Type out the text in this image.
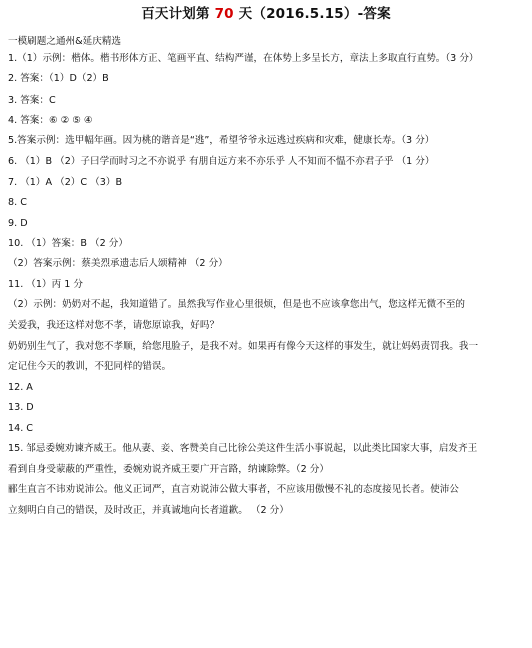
百天计划第 70 天（2016.5.15）-答案
一模刷题之通州&延庆精选
1.（1）示例：楷体。楷书形体方正、笔画平直、结构严谨，在体势上多呈长方，章法上多取直行直势。（3 分）
2. 答案：（1）D（2）B
3. 答案：C
4. 答案：⑥ ② ⑤ ④
5.答案示例：选甲幅年画。因为桃的谐音是“逃”，希望爷爷永远逃过疾病和灾难，健康长寿。（3 分）
6. （1）B （2）子曰学而时习之不亦说乎 有朋自远方来不亦乐乎 人不知而不愠不亦君子乎 （1 分）
7. （1）A （2）C （3）B
8. C
9. D
10. （1）答案：B （2 分）
（2）答案示例：蔡美烈承遗志后人颂精神 （2 分）
11. （1）丙 1 分
（2）示例：奶奶对不起，我知道错了。虽然我写作业心里很烦，但是也不应该拿您出气，您这样无微不至的
关爱我，我还这样对您不孝，请您原谅我，好吗？
奶奶别生气了，我对您不孝顺，给您甩脸子，是我不对。如果再有像今天这样的事发生，就让妈妈责罚我。我一
定记住今天的教训，不犯同样的错误。
12. A
13. D
14. C
15. 邹忌委婉劝谏齐威王。他从妻、妾、客赞美自己比徐公美这件生活小事说起，以此类比国家大事，启发齐王
看到自身受蒙蔽的严重性，委婉劝说齐威王要广开言路，纳谏除弊。（2 分）
郦生直言不讳劝说沛公。他义正词严，直言劝说沛公做大事者，不应该用傲慢不礼的态度接见长者。使沛公
立刻明白自己的错误，及时改正，并真诚地向长者道歉。 （2 分）
